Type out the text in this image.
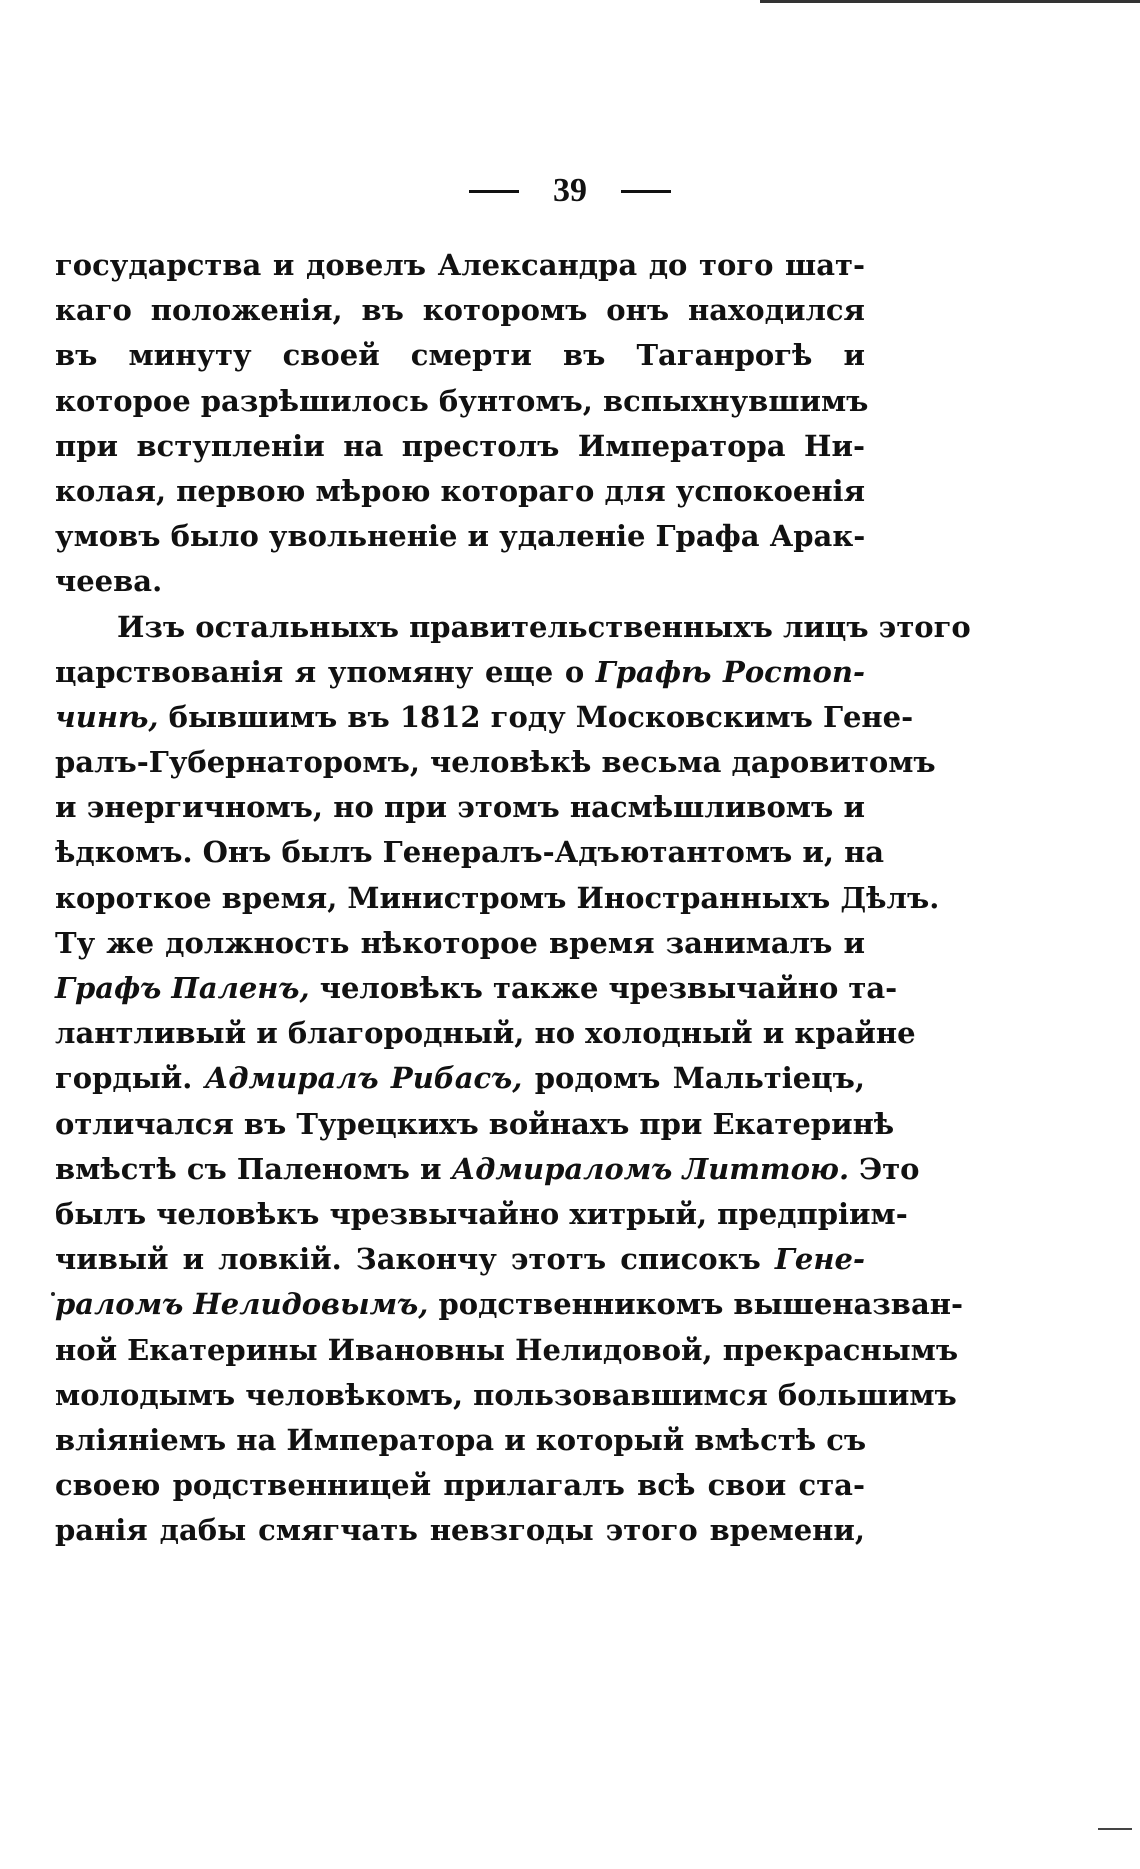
39
государства и довелъ Александра до того шат-
каго положенія, въ которомъ онъ находился
въ минуту своей смерти въ Таганрогѣ и
которое разрѣшилось бунтомъ, вспыхнувшимъ
при вступленіи на престолъ Императора Ни-
колая, первою мѣрою котораго для успокоенія
умовъ было увольненіе и удаленіе Графа Арак-
чеева.
Изъ остальныхъ правительственныхъ лицъ этого
царствованія я упомяну еще о Графѣ Ростоп-
чинѣ, бывшимъ въ 1812 году Московскимъ Гене-
ралъ-Губернаторомъ, человѣкѣ весьма даровитомъ
и энергичномъ, но при этомъ насмѣшливомъ и
ѣдкомъ. Онъ былъ Генералъ-Адъютантомъ и, на
короткое время, Министромъ Иностранныхъ Дѣлъ.
Ту же должность нѣкоторое время занималъ и
Графъ Паленъ, человѣкъ также чрезвычайно та-
лантливый и благородный, но холодный и крайне
гордый. Адмиралъ Рибасъ, родомъ Мальтіецъ,
отличался въ Турецкихъ войнахъ при Екатеринѣ
вмѣстѣ съ Паленомъ и Адмираломъ Литтою. Это
былъ человѣкъ чрезвычайно хитрый, предпріим-
чивый и ловкій. Закончу этотъ списокъ Гене-
раломъ Нелидовымъ, родственникомъ вышеназван-
ной Екатерины Ивановны Нелидовой, прекраснымъ
молодымъ человѣкомъ, пользовавшимся большимъ
вліяніемъ на Императора и который вмѣстѣ съ
своею родственницей прилагалъ всѣ свои ста-
ранія дабы смягчать невзгоды этого времени,
